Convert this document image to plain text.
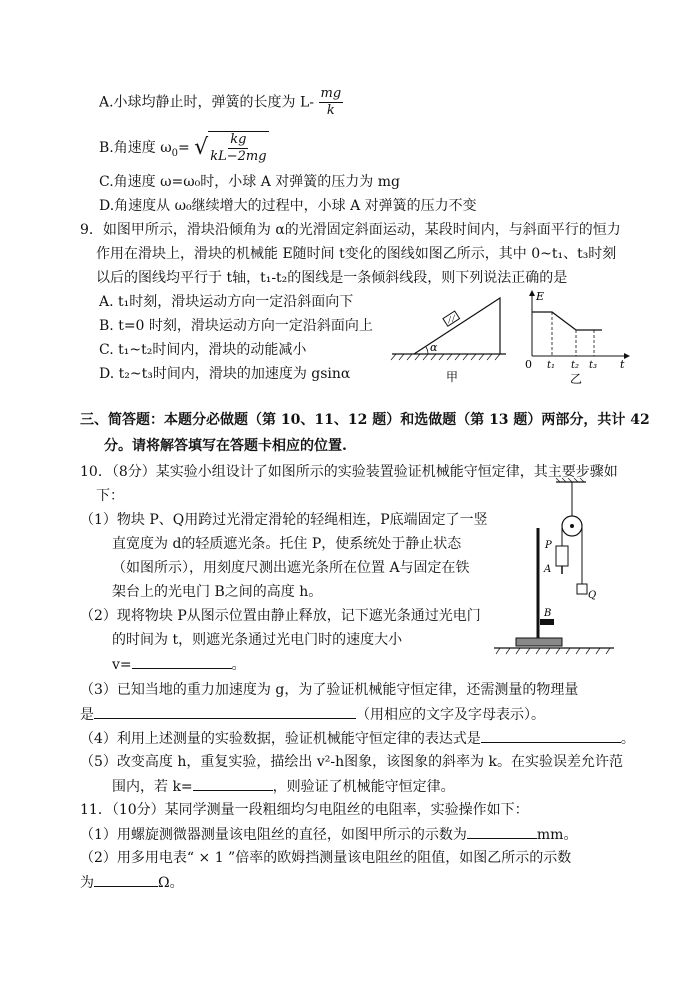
A.小球均静止时，弹簧的长度为 $L- \frac{mg}{k}$
B.角速度 $\omega_0=$ √ $\frac{kg}{kL-2mg}$
C.角速度 ω=ω₀时，小球 A 对弹簧的压力为 mg
D.角速度从 ω₀继续增大的过程中，小球 A 对弹簧的压力不变
9．如图甲所示，滑块沿倾角为 α的光滑固定斜面运动，某段时间内，与斜面平行的恒力
作用在滑块上，滑块的机械能 E随时间 t变化的图线如图乙所示，其中 0~t₁、t₃时刻
以后的图线均平行于 t轴，t₁-t₂的图线是一条倾斜线段，则下列说法正确的是
A. t₁时刻，滑块运动方向一定沿斜面向下
B. t=0 时刻，滑块运动方向一定沿斜面向上
C. t₁~t₂时间内，滑块的动能减小
D. t₂~t₃时间内，滑块的加速度为 gsinα
α
甲
E
t
0 t₁ t₂ t₃
乙
三、简答题：本题分必做题（第 10、11、12 题）和选做题（第 13 题）两部分，共计 42
分。请将解答填写在答题卡相应的位置.
10．（8分）某实验小组设计了如图所示的实验装置验证机械能守恒定律，其主要步骤如
下：
（1）物块 P、Q用跨过光滑定滑轮的轻绳相连，P底端固定了一竖
直宽度为 d的轻质遮光条。托住 P，使系统处于静止状态
（如图所示），用刻度尺测出遮光条所在位置 A与固定在铁
架台上的光电门 B之间的高度 h。
（2）现将物块 P从图示位置由静止释放，记下遮光条通过光电门
的时间为 t，则遮光条通过光电门时的速度大小
v=	。
（3）已知当地的重力加速度为 g，为了验证机械能守恒定律，还需测量的物理量
是	（用相应的文字及字母表示）。
（4）利用上述测量的实验数据，验证机械能守恒定律的表达式是	。
（5）改变高度 h，重复实验，描绘出 v²-h图象，该图象的斜率为 k。在实验误差允许范
围内，若 k=	，则验证了机械能守恒定律。
P
Q
A
B
11．（10分）某同学测量一段粗细均匀电阻丝的电阻率，实验操作如下：
（1）用螺旋测微器测量该电阻丝的直径，如图甲所示的示数为	mm。
（2）用多用电表“ × 1 ”倍率的欧姆挡测量该电阻丝的阻值，如图乙所示的示数
为	Ω。
